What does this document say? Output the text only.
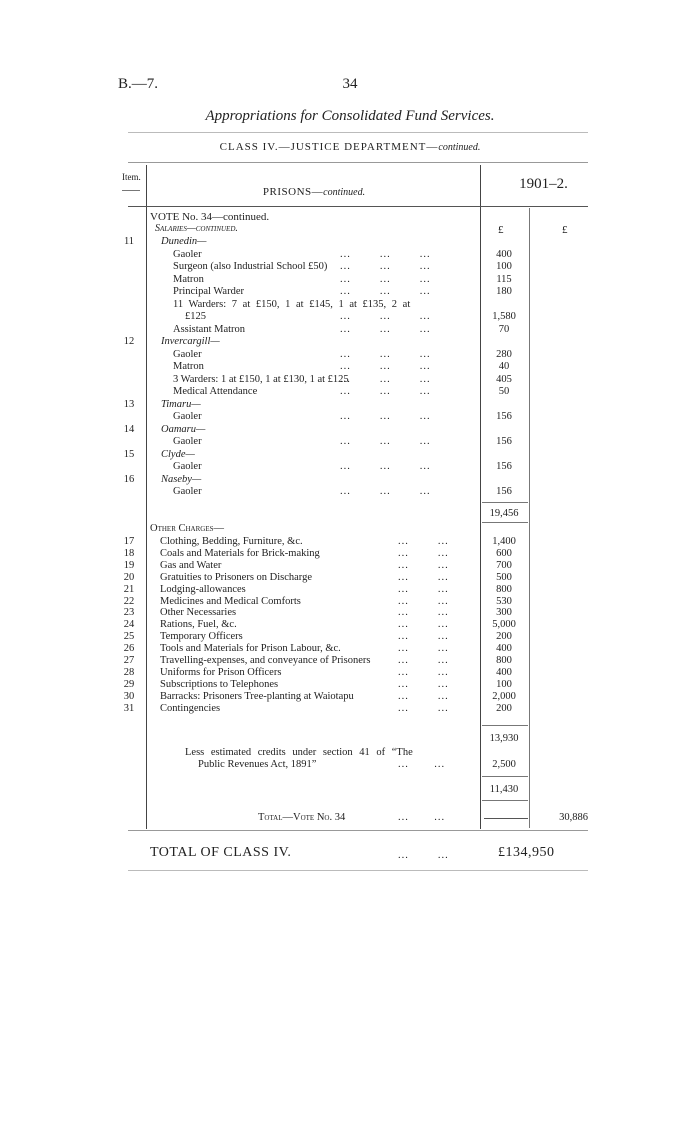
B.—7.	34
Appropriations for Consolidated Fund Services.
CLASS IV.—JUSTICE DEPARTMENT—continued.
Item.
PRISONS—continued.
1901–2.
£	£
VOTE No. 34—continued.
Salaries—continued.
11	Dunedin—
Gaoler	...        ...        ...	400
Surgeon (also Industrial School £50) ...        ...        ...	100
Matron	...        ...        ...	115
Principal Warder	...        ...        ...	180
11 Warders: 7 at £150, 1 at £145, 1 at £135, 2 at
£125	...        ...        ...	1,580
Assistant Matron	...        ...        ...	70
12	Invercargill—
Gaoler	...        ...        ...	280
Matron	...        ...        ...	40
3 Warders: 1 at £150, 1 at £130, 1 at £125
...        ...        ...	405
Medical Attendance	...        ...        ...	50
13	Timaru—
Gaoler	...        ...        ...	156
14	Oamaru—
Gaoler	...        ...        ...	156
15	Clyde—
Gaoler	...        ...        ...	156
16	Naseby—
Gaoler	...        ...        ...	156
19,456
Other Charges—
17	Clothing, Bedding, Furniture, &c.	...        ...	1,400
18	Coals and Materials for Brick-making	...        ...	600
19	Gas and Water	...        ...	700
20	Gratuities to Prisoners on Discharge	...        ...	500
21	Lodging-allowances	...        ...	800
22	Medicines and Medical Comforts	...        ...	530
23	Other Necessaries	...        ...	300
24	Rations, Fuel, &c.	...        ...	5,000
25	Temporary Officers	...        ...	200
26	Tools and Materials for Prison Labour, &c.	...        ...	400
27	Travelling-expenses, and conveyance of Prisoners	...        ...	800
28	Uniforms for Prison Officers	...        ...	400
29	Subscriptions to Telephones	...        ...	100
30	Barracks: Prisoners Tree-planting at Waiotapu	...        ...	2,000
31	Contingencies	...        ...	200
13,930
Less estimated credits under section 41 of “The
Public Revenues Act, 1891”	...       ...	2,500
11,430
Total—Vote No. 34	...       ...	30,886
TOTAL OF CLASS IV.	...        ...	£134,950
